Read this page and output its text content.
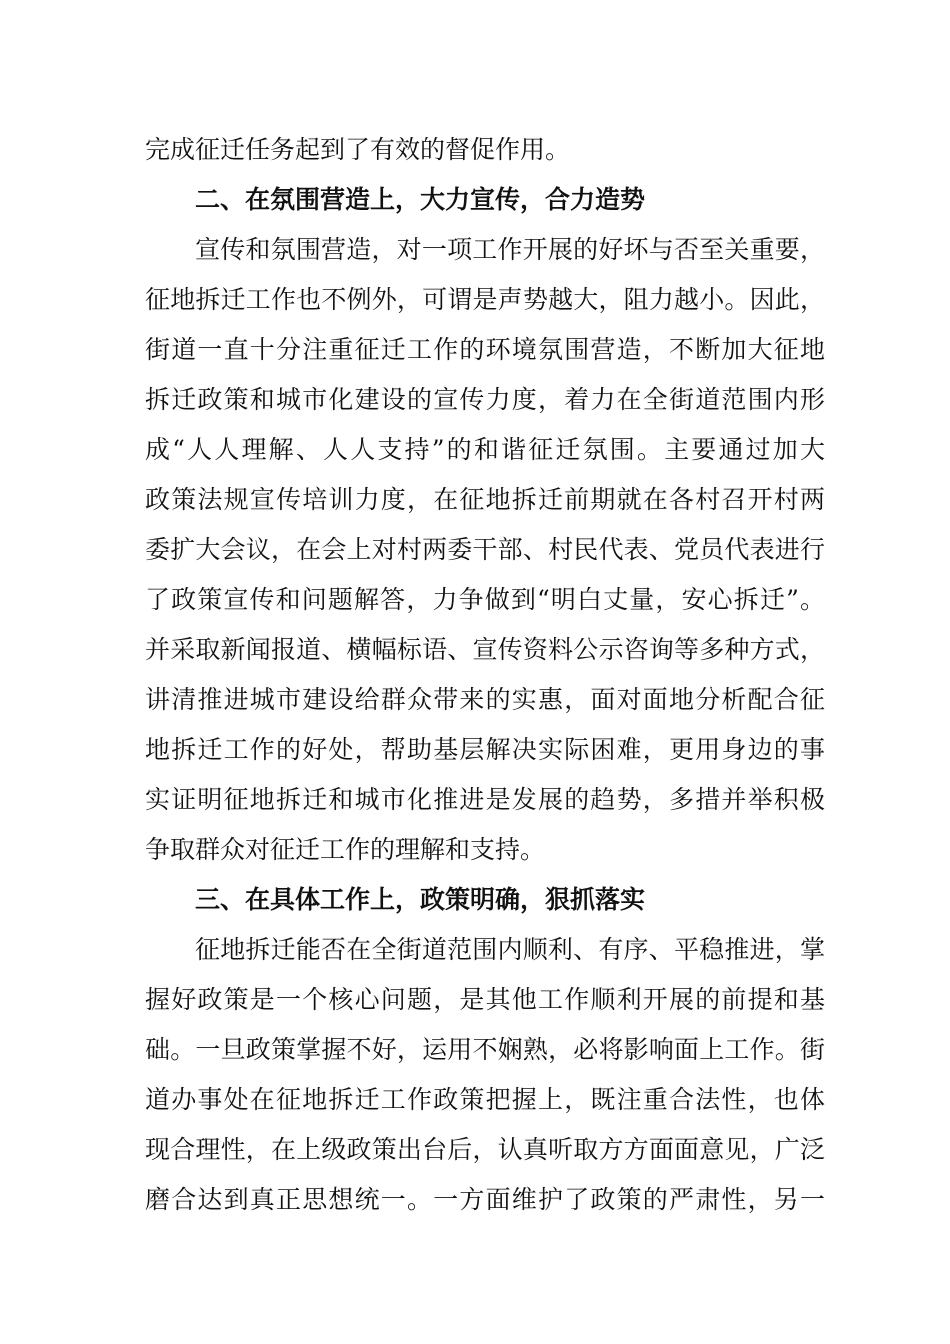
完成征迁任务起到了有效的督促作用。
二、在氛围营造上，大力宣传，合力造势
宣传和氛围营造，对一项工作开展的好坏与否至关重要，
征地拆迁工作也不例外，可谓是声势越大，阻力越小。因此，
街道一直十分注重征迁工作的环境氛围营造，不断加大征地
拆迁政策和城市化建设的宣传力度，着力在全街道范围内形
成“人人理解、人人支持”的和谐征迁氛围。主要通过加大
政策法规宣传培训力度，在征地拆迁前期就在各村召开村两
委扩大会议，在会上对村两委干部、村民代表、党员代表进行
了政策宣传和问题解答，力争做到“明白丈量，安心拆迁”。
并采取新闻报道、横幅标语、宣传资料公示咨询等多种方式，
讲清推进城市建设给群众带来的实惠，面对面地分析配合征
地拆迁工作的好处，帮助基层解决实际困难，更用身边的事
实证明征地拆迁和城市化推进是发展的趋势，多措并举积极
争取群众对征迁工作的理解和支持。
三、在具体工作上，政策明确，狠抓落实
征地拆迁能否在全街道范围内顺利、有序、平稳推进，掌
握好政策是一个核心问题，是其他工作顺利开展的前提和基
础。一旦政策掌握不好，运用不娴熟，必将影响面上工作。街
道办事处在征地拆迁工作政策把握上，既注重合法性，也体
现合理性，在上级政策出台后，认真听取方方面面意见，广泛
磨合达到真正思想统一。一方面维护了政策的严肃性，另一
